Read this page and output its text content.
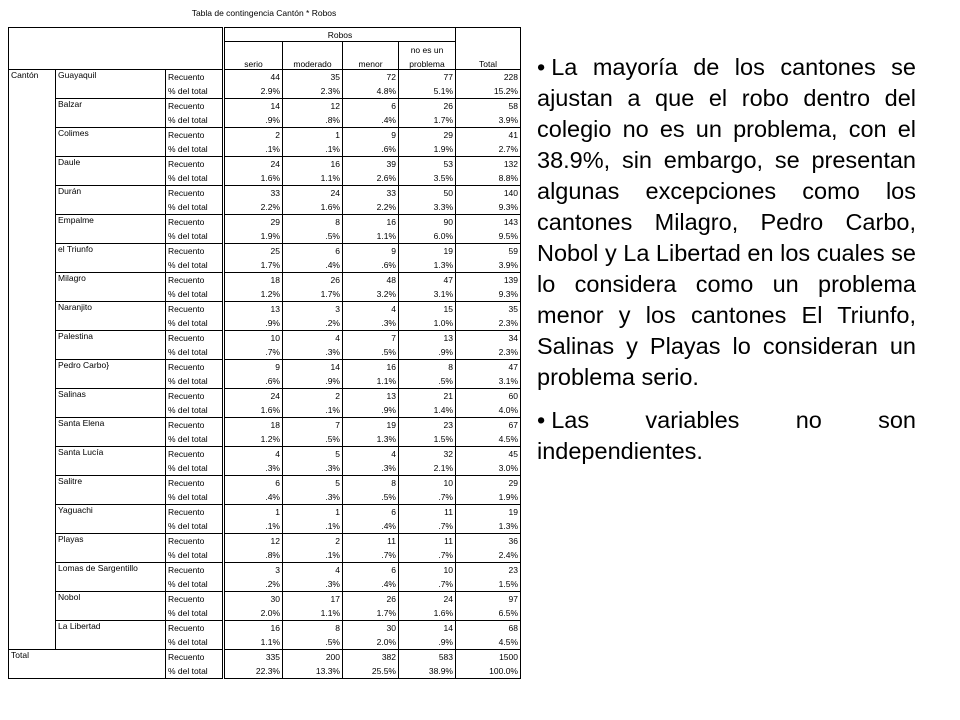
Tabla de contingencia Cantón * Robos
			Robos				
						no es un	
			serio	moderado	menor	problema	Total
Cantón	Guayaquil	Recuento	44	35	72	77	228
		% del total	2.9%	2.3%	4.8%	5.1%	15.2%
	Balzar	Recuento	14	12	6	26	58
		% del total	.9%	.8%	.4%	1.7%	3.9%
	Colimes	Recuento	2	1	9	29	41
		% del total	.1%	.1%	.6%	1.9%	2.7%
	Daule	Recuento	24	16	39	53	132
		% del total	1.6%	1.1%	2.6%	3.5%	8.8%
	Durán	Recuento	33	24	33	50	140
		% del total	2.2%	1.6%	2.2%	3.3%	9.3%
	Empalme	Recuento	29	8	16	90	143
		% del total	1.9%	.5%	1.1%	6.0%	9.5%
	el Triunfo	Recuento	25	6	9	19	59
		% del total	1.7%	.4%	.6%	1.3%	3.9%
	Milagro	Recuento	18	26	48	47	139
		% del total	1.2%	1.7%	3.2%	3.1%	9.3%
	Naranjito	Recuento	13	3	4	15	35
		% del total	.9%	.2%	.3%	1.0%	2.3%
	Palestina	Recuento	10	4	7	13	34
		% del total	.7%	.3%	.5%	.9%	2.3%
	Pedro Carbo}	Recuento	9	14	16	8	47
		% del total	.6%	.9%	1.1%	.5%	3.1%
	Salinas	Recuento	24	2	13	21	60
		% del total	1.6%	.1%	.9%	1.4%	4.0%
	Santa Elena	Recuento	18	7	19	23	67
		% del total	1.2%	.5%	1.3%	1.5%	4.5%
	Santa Lucía	Recuento	4	5	4	32	45
		% del total	.3%	.3%	.3%	2.1%	3.0%
	Salitre	Recuento	6	5	8	10	29
		% del total	.4%	.3%	.5%	.7%	1.9%
	Yaguachi	Recuento	1	1	6	11	19
		% del total	.1%	.1%	.4%	.7%	1.3%
	Playas	Recuento	12	2	11	11	36
		% del total	.8%	.1%	.7%	.7%	2.4%
	Lomas de Sargentillo	Recuento	3	4	6	10	23
		% del total	.2%	.3%	.4%	.7%	1.5%
	Nobol	Recuento	30	17	26	24	97
		% del total	2.0%	1.1%	1.7%	1.6%	6.5%
	La Libertad	Recuento	16	8	30	14	68
		% del total	1.1%	.5%	2.0%	.9%	4.5%
Total		Recuento	335	200	382	583	1500
		% del total	22.3%	13.3%	25.5%	38.9%	100.0%

• La mayoría de los cantones se ajustan a que el robo dentro del colegio no es un problema, con el 38.9%, sin embargo, se presentan algunas excepciones como los cantones Milagro, Pedro Carbo, Nobol y La Libertad en los cuales se lo considera como un problema menor y los cantones El Triunfo, Salinas y Playas lo consideran un problema serio.

• Las variables no son independientes.
